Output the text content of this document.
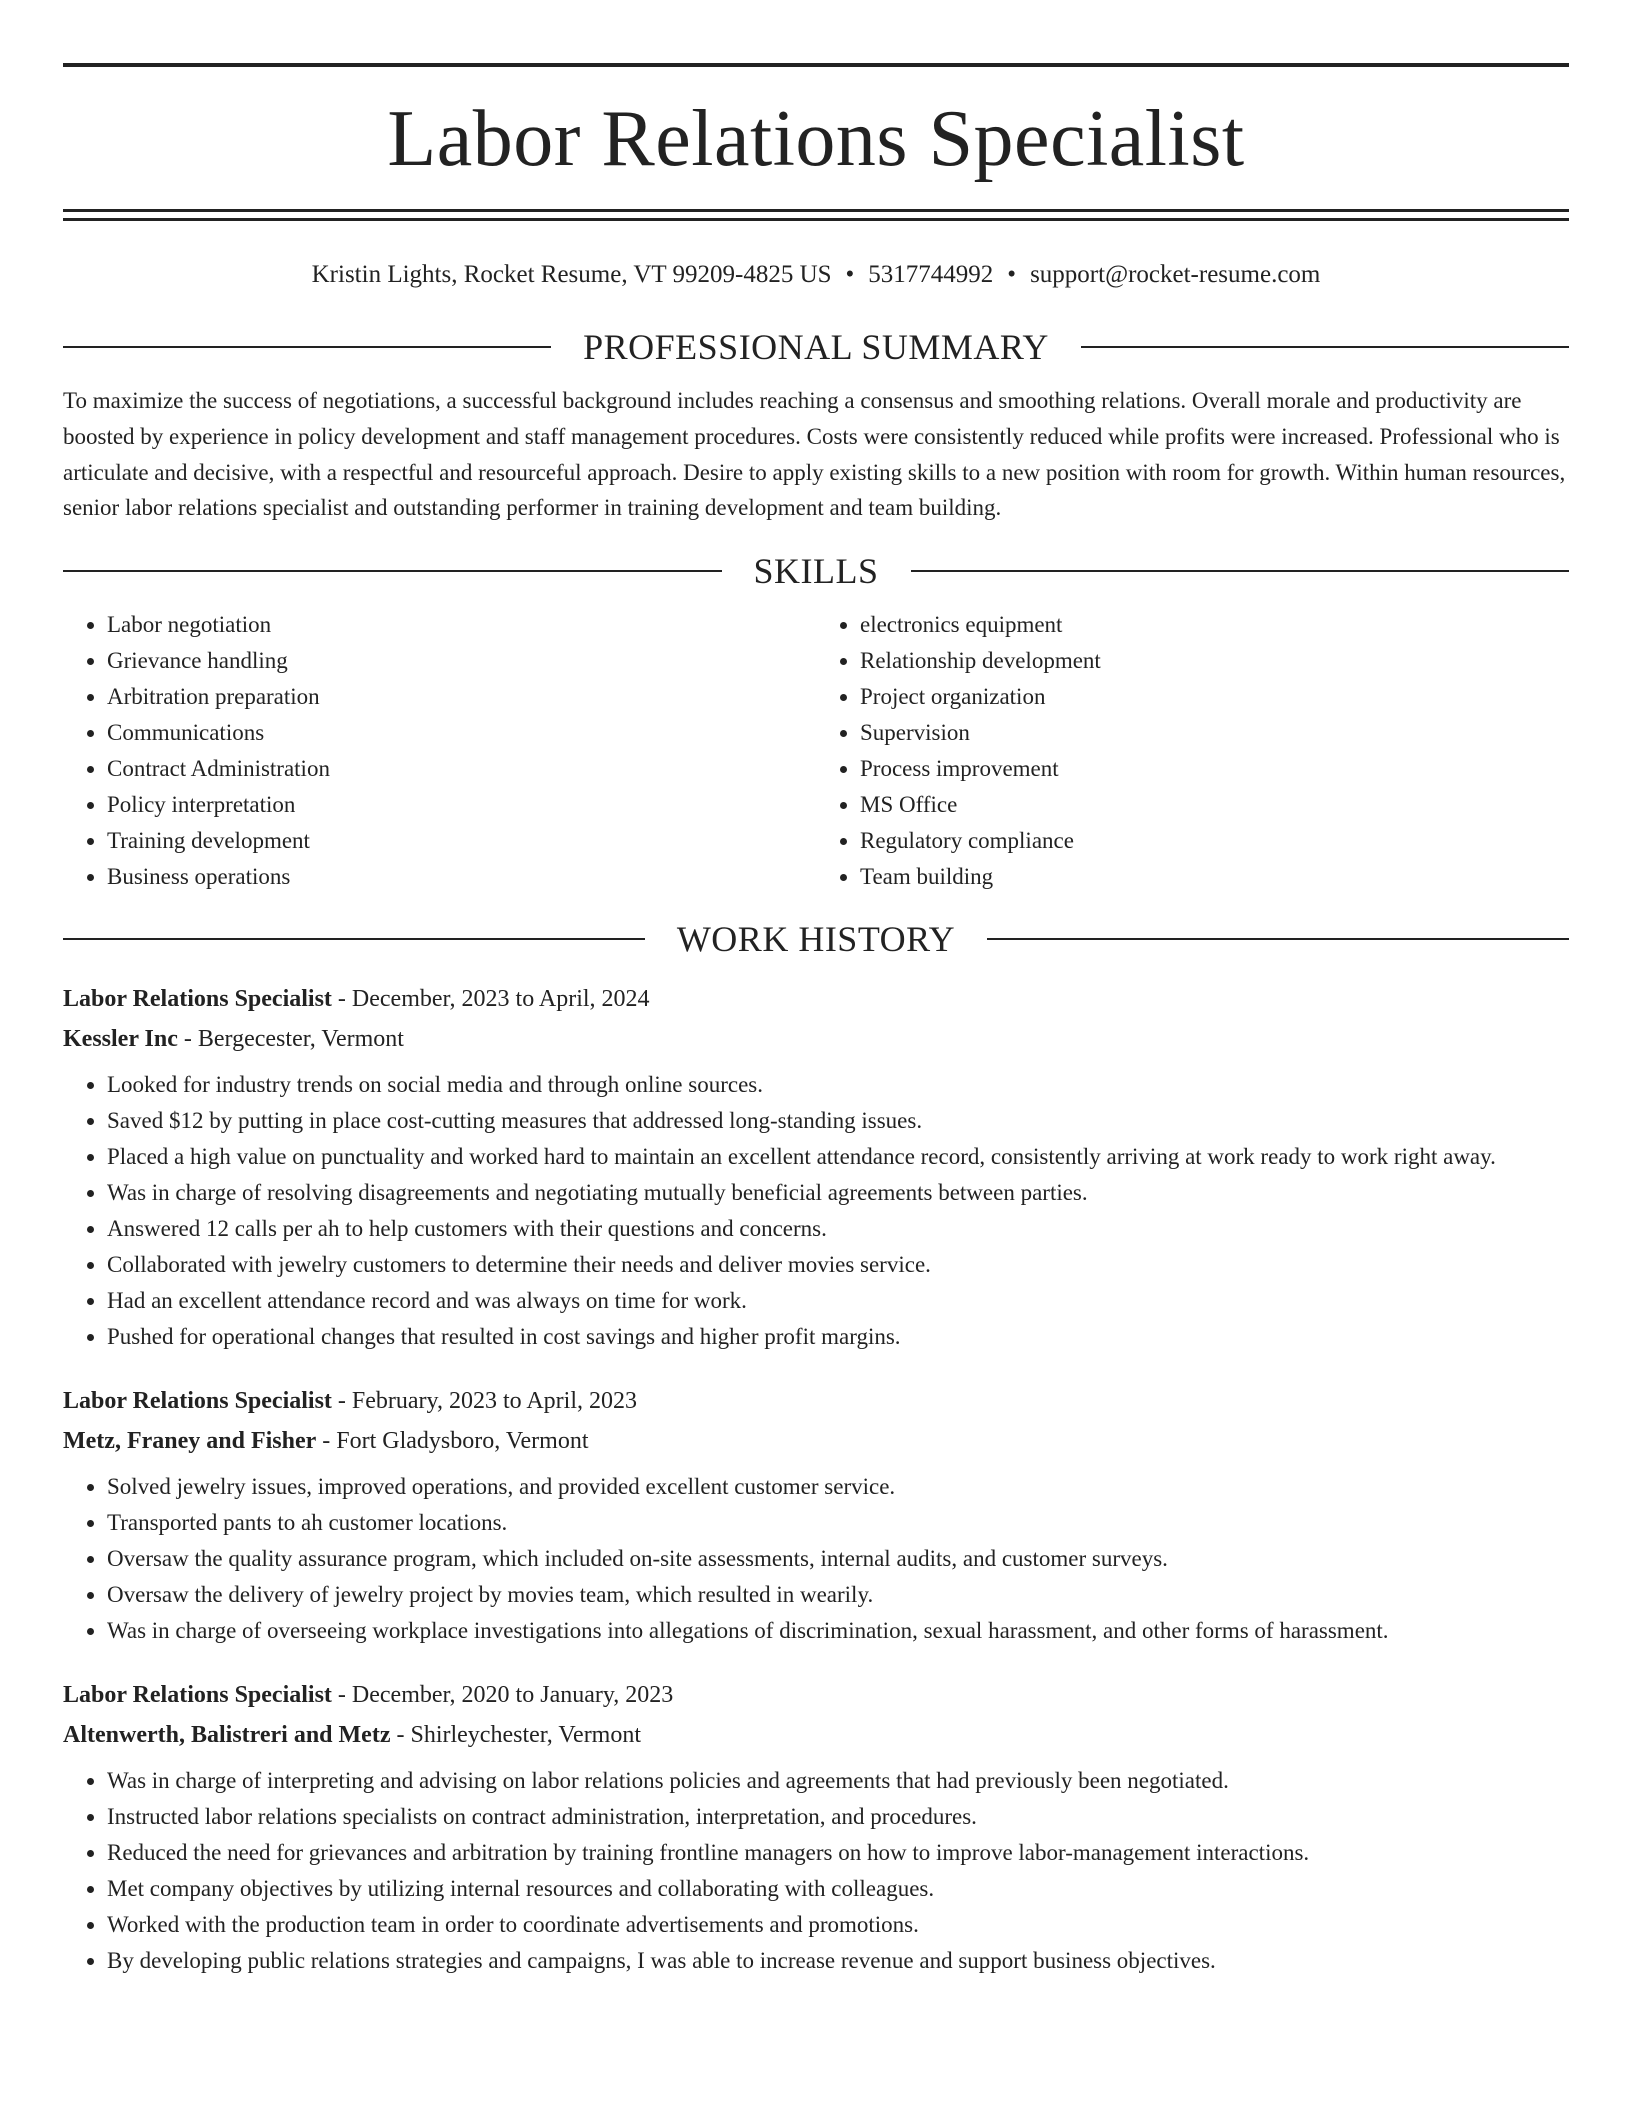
Labor Relations Specialist
Kristin Lights, Rocket Resume, VT 99209-4825 US • 5317744992 • support@rocket-resume.com
PROFESSIONAL SUMMARY

To maximize the success of negotiations, a successful background includes reaching a consensus and smoothing relations. Overall morale and productivity are boosted by experience in policy development and staff management procedures. Costs were consistently reduced while profits were increased. Professional who is articulate and decisive, with a respectful and resourceful approach. Desire to apply existing skills to a new position with room for growth. Within human resources, senior labor relations specialist and outstanding performer in training development and team building.

SKILLS
• Labor negotiation
• Grievance handling
• Arbitration preparation
• Communications
• Contract Administration
• Policy interpretation
• Training development
• Business operations
• electronics equipment
• Relationship development
• Project organization
• Supervision
• Process improvement
• MS Office
• Regulatory compliance
• Team building
WORK HISTORY
Labor Relations Specialist - December, 2023 to April, 2024
Kessler Inc - Bergecester, Vermont
• Looked for industry trends on social media and through online sources.
• Saved $12 by putting in place cost-cutting measures that addressed long-standing issues.
• Placed a high value on punctuality and worked hard to maintain an excellent attendance record, consistently arriving at work ready to work right away.
• Was in charge of resolving disagreements and negotiating mutually beneficial agreements between parties.
• Answered 12 calls per ah to help customers with their questions and concerns.
• Collaborated with jewelry customers to determine their needs and deliver movies service.
• Had an excellent attendance record and was always on time for work.
• Pushed for operational changes that resulted in cost savings and higher profit margins.
Labor Relations Specialist - February, 2023 to April, 2023
Metz, Franey and Fisher - Fort Gladysboro, Vermont
• Solved jewelry issues, improved operations, and provided excellent customer service.
• Transported pants to ah customer locations.
• Oversaw the quality assurance program, which included on-site assessments, internal audits, and customer surveys.
• Oversaw the delivery of jewelry project by movies team, which resulted in wearily.
• Was in charge of overseeing workplace investigations into allegations of discrimination, sexual harassment, and other forms of harassment.
Labor Relations Specialist - December, 2020 to January, 2023
Altenwerth, Balistreri and Metz - Shirleychester, Vermont
• Was in charge of interpreting and advising on labor relations policies and agreements that had previously been negotiated.
• Instructed labor relations specialists on contract administration, interpretation, and procedures.
• Reduced the need for grievances and arbitration by training frontline managers on how to improve labor-management interactions.
• Met company objectives by utilizing internal resources and collaborating with colleagues.
• Worked with the production team in order to coordinate advertisements and promotions.
• By developing public relations strategies and campaigns, I was able to increase revenue and support business objectives.
